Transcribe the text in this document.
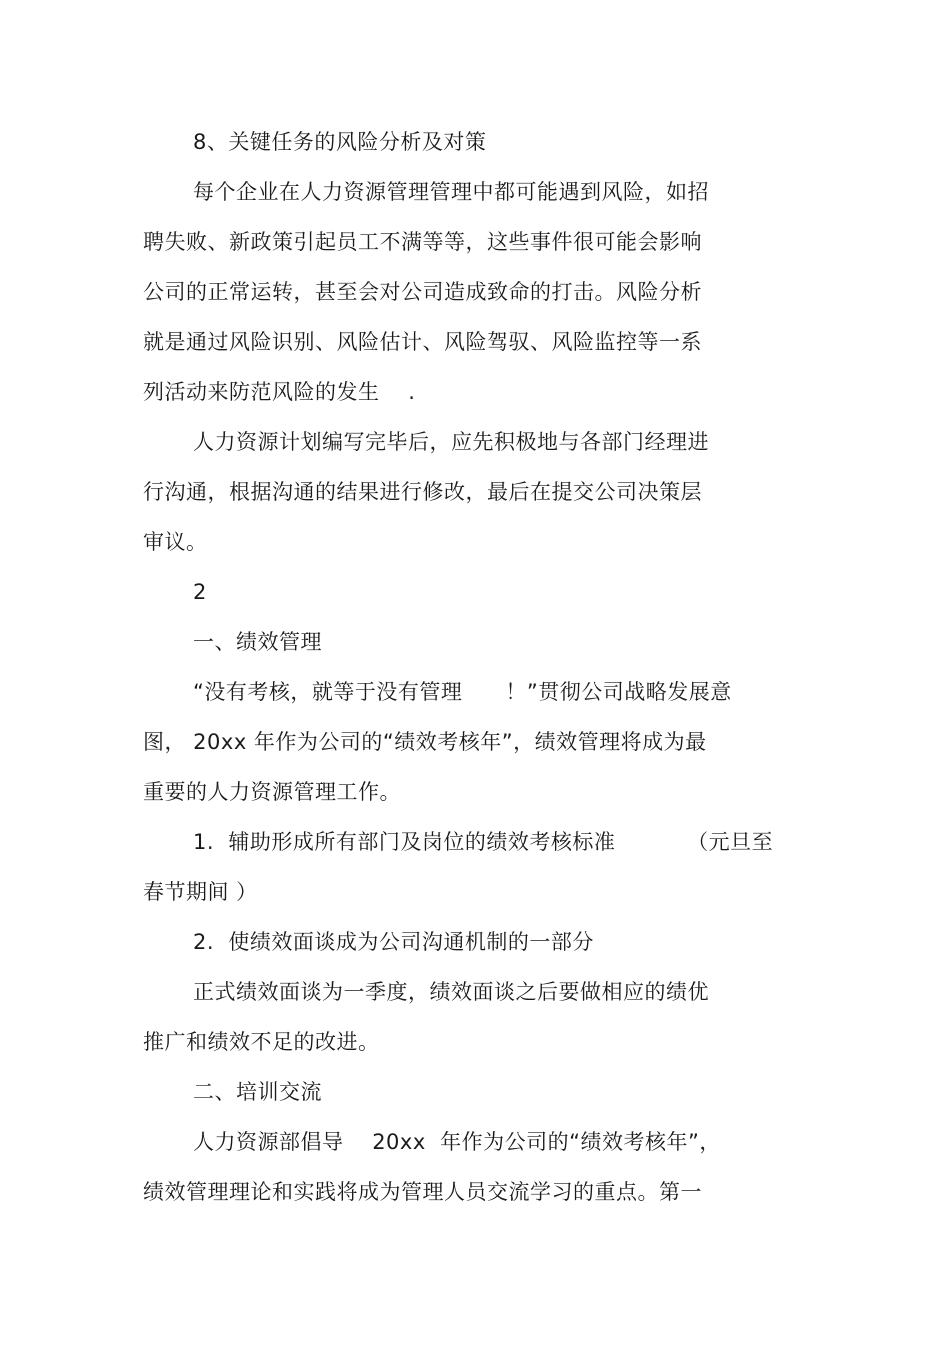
8、关键任务的风险分析及对策
每个企业在人力资源管理管理中都可能遇到风险，如招
聘失败、新政策引起员工不满等等，这些事件很可能会影响
公司的正常运转，甚至会对公司造成致命的打击。风险分析
就是通过风险识别、风险估计、风险驾驭、风险监控等一系
列活动来防范风险的发生    .
人力资源计划编写完毕后，应先积极地与各部门经理进
行沟通，根据沟通的结果进行修改，最后在提交公司决策层
审议。
2
一、绩效管理
“没有考核，就等于没有管理      ！”贯彻公司战略发展意
图， 20xx 年作为公司的“绩效考核年”，绩效管理将成为最
重要的人力资源管理工作。
1.  辅助形成所有部门及岗位的绩效考核标准          （元旦至
春节期间 ）
2.  使绩效面谈成为公司沟通机制的一部分
正式绩效面谈为一季度，绩效面谈之后要做相应的绩优
推广和绩效不足的改进。
二、培训交流
人力资源部倡导    20xx  年作为公司的“绩效考核年”，
绩效管理理论和实践将成为管理人员交流学习的重点。第一
